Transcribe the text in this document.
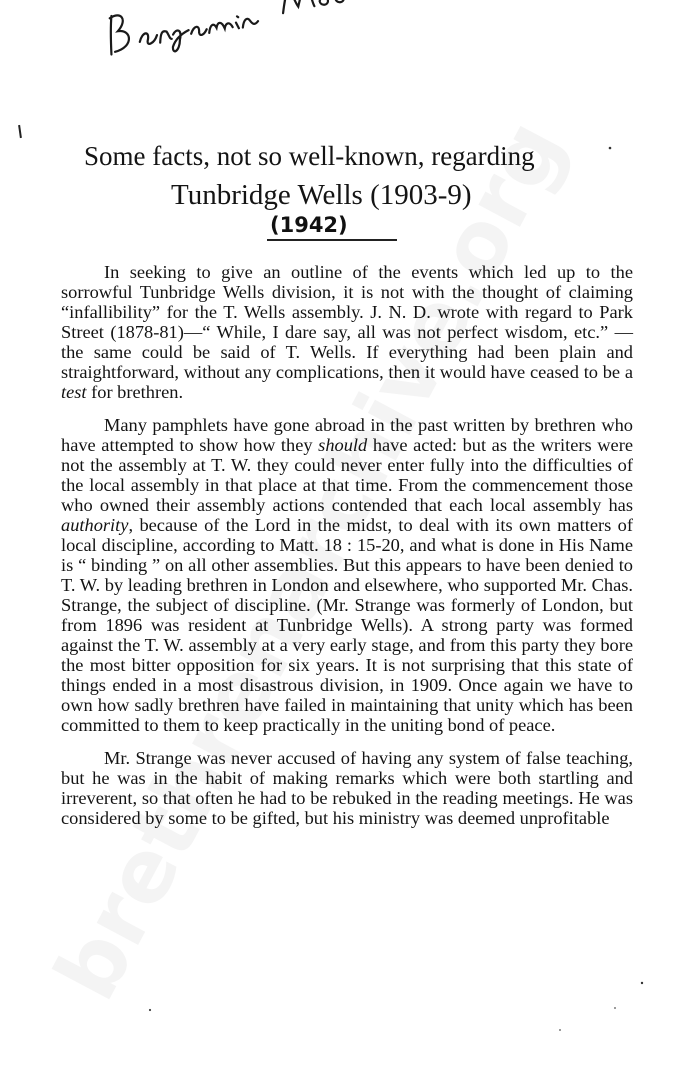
Some facts, not so well-known, regarding
Tunbridge Wells (1903-9)
(1942)

In seeking to give an outline of the events which led up to the sorrowful Tunbridge Wells division, it is not with the thought of claiming “infallibility” for the T. Wells assembly. J. N. D. wrote with regard to Park Street (1878-81)—“ While, I dare say, all was not perfect wisdom, etc.” —the same could be said of T. Wells. If everything had been plain and straightforward, without any complications, then it would have ceased to be a test for brethren.

Many pamphlets have gone abroad in the past written by brethren who have attempted to show how they should have acted: but as the writers were not the assembly at T. W. they could never enter fully into the difficulties of the local assembly in that place at that time. From the commencement those who owned their assembly actions contended that each local assembly has authority, because of the Lord in the midst, to deal with its own matters of local discipline, according to Matt. 18 : 15-20, and what is done in His Name is “ binding ” on all other assemblies. But this appears to have been denied to T. W. by leading brethren in London and elsewhere, who supported Mr. Chas. Strange, the subject of discipline. (Mr. Strange was formerly of London, but from 1896 was resident at Tunbridge Wells). A strong party was formed against the T. W. assembly at a very early stage, and from this party they bore the most bitter opposition for six years. It is not surprising that this state of things ended in a most disastrous division, in 1909. Once again we have to own how sadly brethren have failed in maintaining that unity which has been committed to them to keep practically in the uniting bond of peace.

Mr. Strange was never accused of having any system of false teaching, but he was in the habit of making remarks which were both startling and irreverent, so that often he had to be rebuked in the reading meetings. He was considered by some to be gifted, but his ministry was deemed unprofitable
